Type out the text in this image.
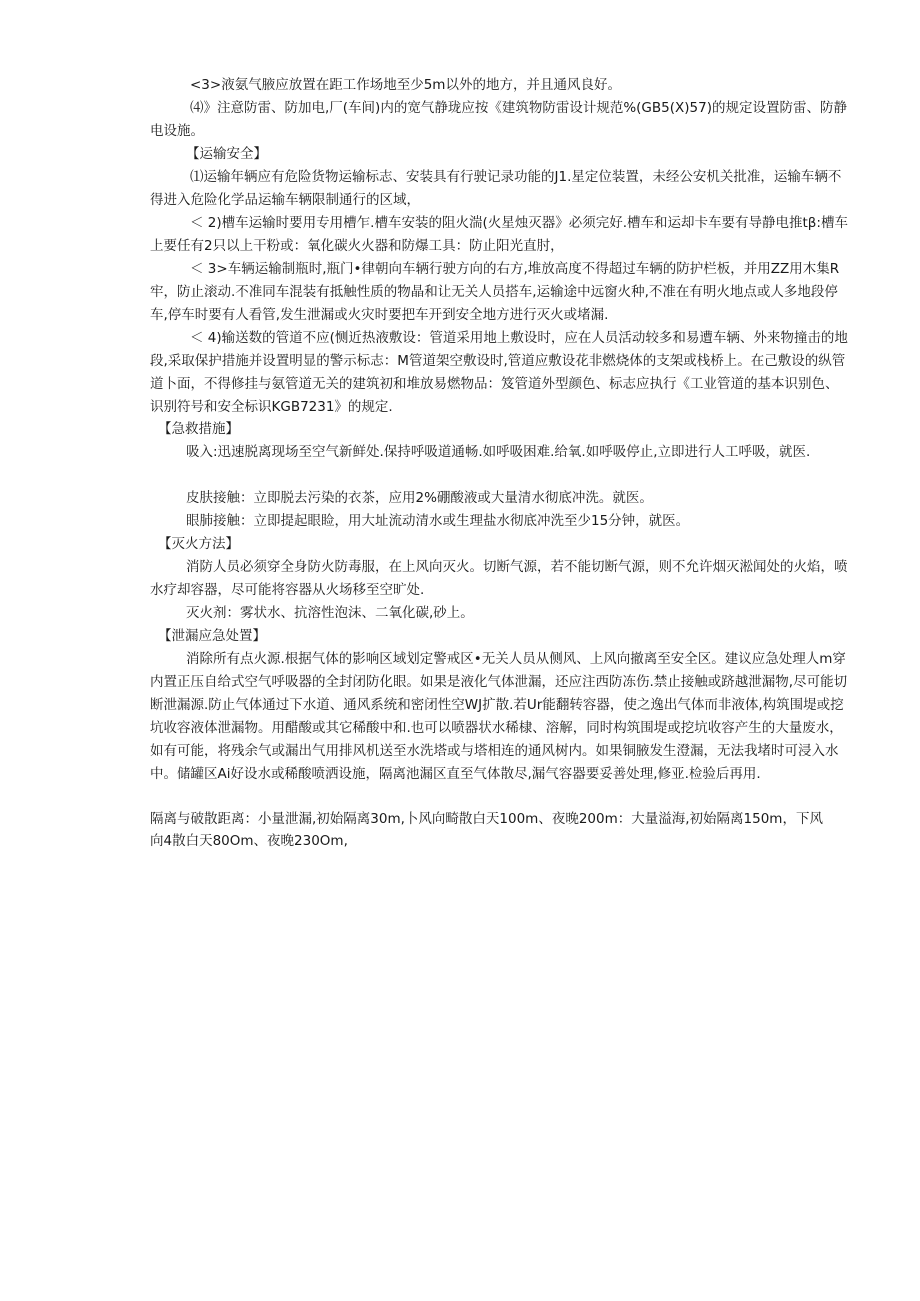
<3>液氨气腋应放置在距工作场地至少5m以外的地方，并且通风良好。

⑷》注意防雷、防加电,厂(车间)内的宽气静珑应按《建筑物防雷设计规范%(GB5(X)57)的规定设置防雷、防静电设施。

【运输安全】

⑴运输年辆应有危险货物运输标志、安装具有行驶记录功能的J1.星定位装置，未经公安机关批准，运输车辆不得进入危险化学品运输车辆限制通行的区域，

＜ 2)槽车运输时要用专用槽乍.槽车安装的阻火湍(火星烛灭器》必须完好.槽车和运却卡车要有导静电推tβ:槽车上要任有2只以上干粉或：氧化碳火火器和防爆工具：防止阳光直肘，

＜ 3>车辆运输制瓶时,瓶门•律朝向车辆行驶方向的右方,堆放高度不得超过车辆的防护栏板，并用ZZ用木集R牢，防止滚动.不准同车混装有抵触性质的物晶和让无关人员搭车,运输途中远窗火种,不准在有明火地点或人多地段停车,停车时要有人看管,发生泄漏或火灾时要把车开到安全地方进行灭火或堵漏.

＜ 4)输送数的管道不应(恻近热液敷设：管道采用地上敷设时，应在人员活动较多和易遭车辆、外来物撞击的地段,采取保护措施并设置明显的警示标志：M管道架空敷设时,管道应敷设花非燃烧体的支架或栈桥上。在己敷设的纵管道卜面，不得修挂与氨管道无关的建筑初和堆放易燃物品：笈管道外型颜色、标志应执行《工业管道的基本识别色、识别符号和安全标识KGB7231》的规定.

【急救措施】

吸入:迅速脱离现场至空气新鲜处.保持呼吸道通畅.如呼吸困难.给氧.如呼吸停止,立即进行人工呼吸，就医.

皮肤接触：立即脱去污染的衣茶，应用2%硼酸液或大量清水彻底冲洗。就医。

眼肺接触：立即提起眼睑，用大址流动清水或生理盐水彻底冲洗至少15分钟，就医。

【灭火方法】

消防人员必须穿全身防火防毒服，在上风向灭火。切断气源，若不能切断气源，则不允许烟灭淞闻处的火焰，喷水疗却容器，尽可能将容器从火场移至空旷处.

灭火剂：雾状水、抗溶性泡沫、二氧化碳,砂上。

【泄漏应急处置】

消除所有点火源.根据气体的影响区域划定警戒区•无关人员从侧风、上风向撤离至安全区。建议应急处理人m穿内置正压自给式空气呼吸器的全封闭防化眼。如果是液化气体泄漏，还应注西防冻伤.禁止接触或跻越泄漏物,尽可能切断泄漏源.防止气体通过下水道、通风系统和密闭性空WJ扩散.若Ur能翻转容器，使之逸出气体而非液体,构筑围堤或挖坑收容液体泄漏物。用醋酸或其它稀酸中和.也可以喷器状水稀棣、溶解，同时构筑围堤或挖坑收容产生的大量废水，如有可能，将残余气或漏出气用排风机送至水洗塔或与塔相连的通风树内。如果铜腋发生澄漏，无法我堵时可浸入水中。储罐区Ai好设水或稀酸喷洒设施，隔离池漏区直至气体散尽,漏气容器要妥善处理,修亚.检验后再用.

隔离与破散距离：小量泄漏,初始隔离30m,卜风向畸散白天100m、夜晚200m：大量溢海,初始隔离150m，下风向4散白天80Om、夜晚230Om,
